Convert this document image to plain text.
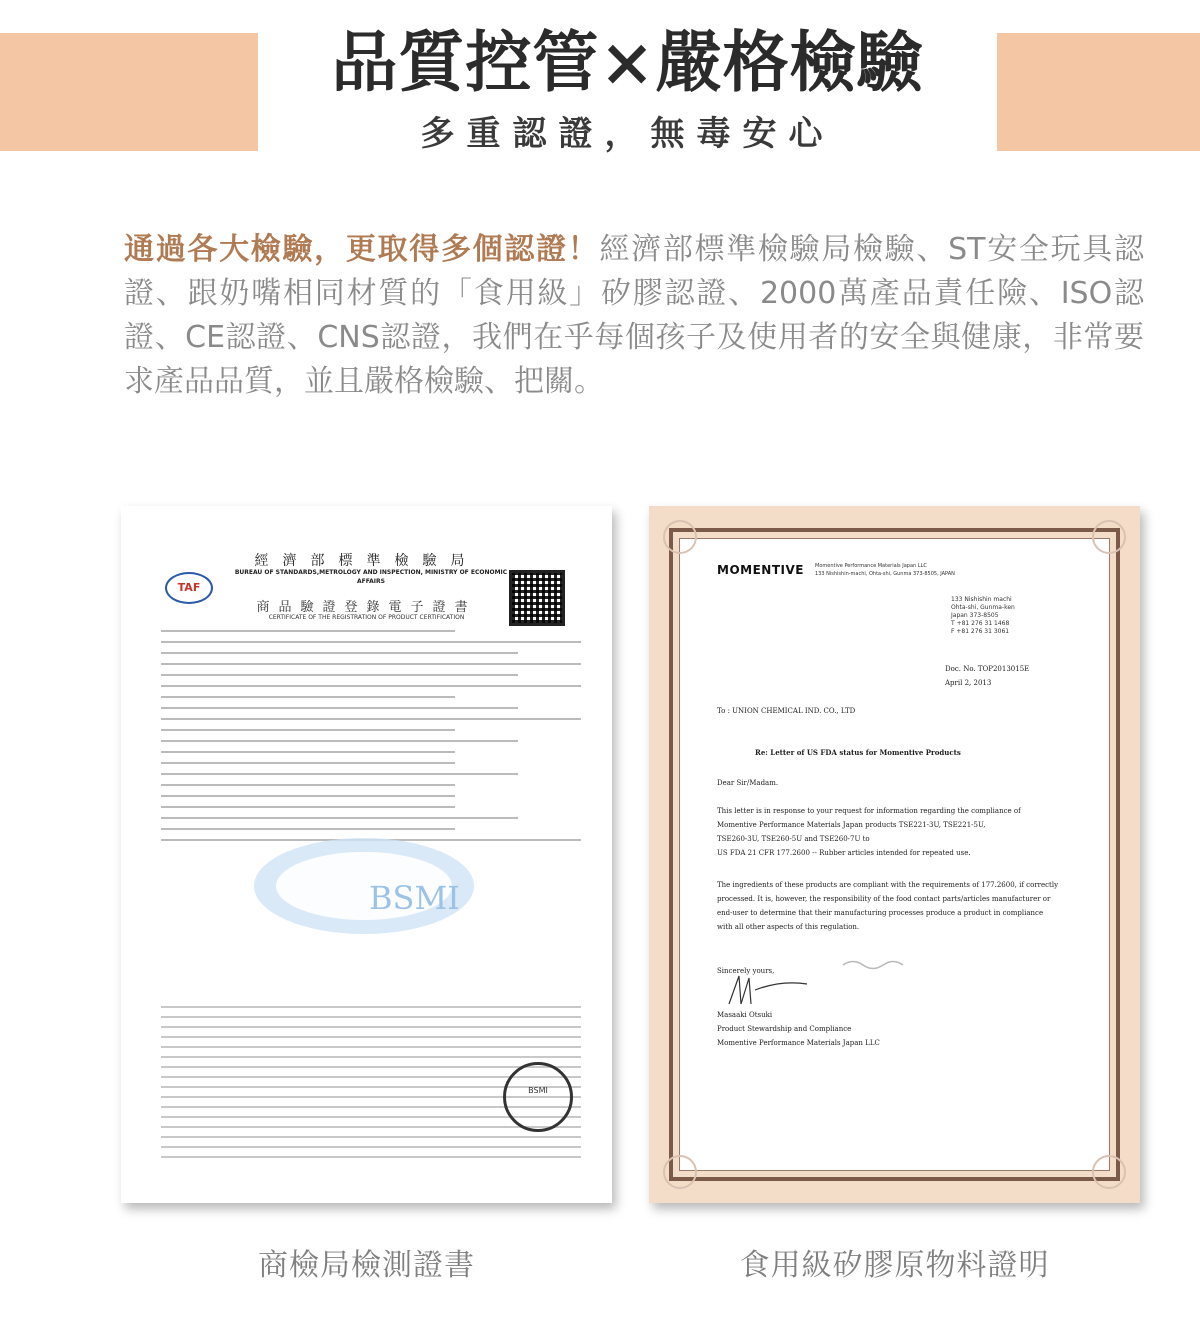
品質控管×嚴格檢驗
多重認證，無毒安心
通過各大檢驗，更取得多個認證！經濟部標準檢驗局檢驗、ST安全玩具認證、跟奶嘴相同材質的「食用級」矽膠認證、2000萬產品責任險、ISO認證、CE認證、CNS認證，我們在乎每個孩子及使用者的安全與健康，非常要求產品品質，並且嚴格檢驗、把關。
經濟部標準檢驗局
BUREAU OF STANDARDS,METROLOGY AND INSPECTION, MINISTRY OF ECONOMIC AFFAIRS
TAF
商品驗證登錄電子證書
CERTIFICATE OF THE REGISTRATION OF PRODUCT CERTIFICATION
BSMI
BSMI
MOMENTIVE Momentive Performance Materials Japan LLC
133 Nishishin-machi, Ohta-shi, Gunma 373-8505, JAPAN
133 Nishishin machi
Ohta-shi, Gunma-ken
Japan 373-8505
T +81 276 31 1468
F +81 276 31 3061
Doc. No. TOP2013015E
April 2, 2013
To : UNION CHEMICAL IND. CO., LTD
Re: Letter of US FDA status for Momentive Products
Dear Sir/Madam.
This letter is in response to your request for information regarding the compliance of
Momentive Performance Materials Japan products TSE221-3U, TSE221-5U,
TSE260-3U, TSE260-5U and TSE260-7U to
US FDA 21 CFR 177.2600 -- Rubber articles intended for repeated use.
The ingredients of these products are compliant with the requirements of 177.2600, if correctly
processed. It is, however, the responsibility of the food contact parts/articles manufacturer or
end-user to determine that their manufacturing processes produce a product in compliance
with all other aspects of this regulation.
Sincerely yours,
Masaaki Otsuki
Product Stewardship and Compliance
Momentive Performance Materials Japan LLC
商檢局檢測證書	食用級矽膠原物料證明
